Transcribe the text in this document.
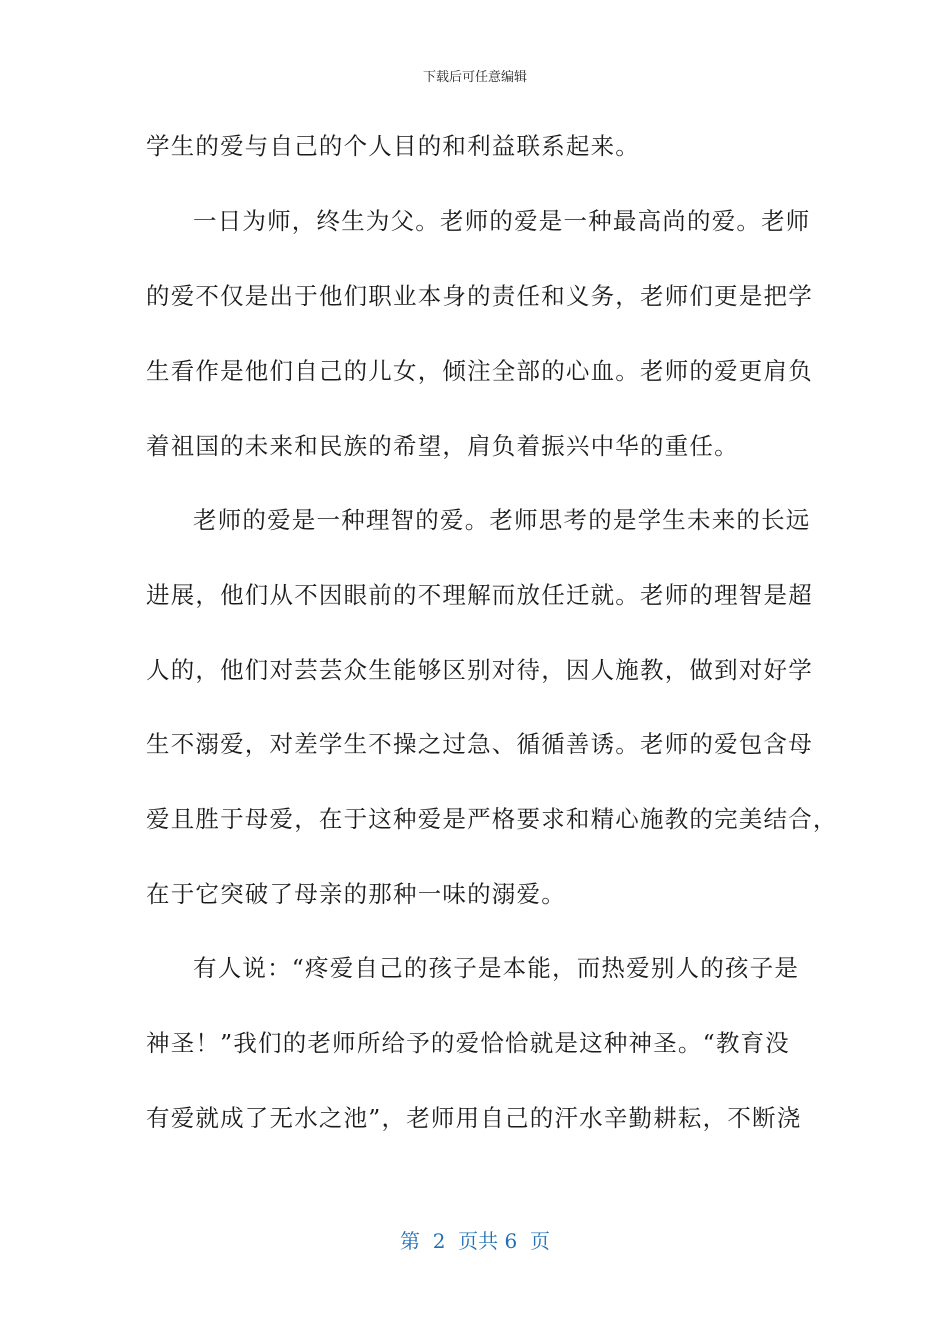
下载后可任意编辑
学生的爱与自己的个人目的和利益联系起来。
一日为师，终生为父。老师的爱是一种最高尚的爱。老师
的爱不仅是出于他们职业本身的责任和义务，老师们更是把学
生看作是他们自己的儿女，倾注全部的心血。老师的爱更肩负
着祖国的未来和民族的希望，肩负着振兴中华的重任。
老师的爱是一种理智的爱。老师思考的是学生未来的长远
进展，他们从不因眼前的不理解而放任迁就。老师的理智是超
人的，他们对芸芸众生能够区别对待，因人施教，做到对好学
生不溺爱，对差学生不操之过急、循循善诱。老师的爱包含母
爱且胜于母爱，在于这种爱是严格要求和精心施教的完美结合，
在于它突破了母亲的那种一味的溺爱。
有人说：“疼爱自己的孩子是本能，而热爱别人的孩子是
神圣！”我们的老师所给予的爱恰恰就是这种神圣。“教育没
有爱就成了无水之池”，老师用自己的汗水辛勤耕耘，不断浇
第  2  页共 6  页
